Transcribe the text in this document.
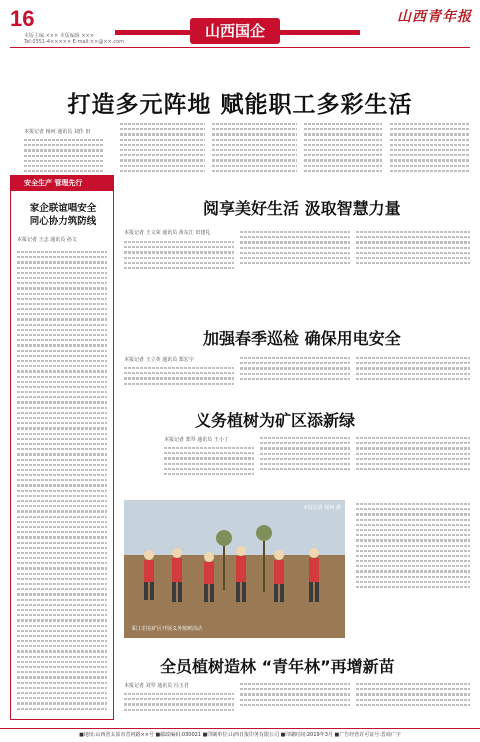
16
本版主编 ××× 本版编辑 ×××
Tel:0351-4××××× E-mail:××@××.com
山西国企
山西青年报
打造多元阵地 赋能职工多彩生活
本报记者 杨珂 通讯员 刘佳 田
安全生产 管理先行
家企联谊唱安全
同心协力筑防线
本报记者 王志 通讯员 孙文
阅享美好生活 汲取智慧力量
本报记者 王文荣 通讯员 黄东江 田建礼
加强春季巡检 确保用电安全
本报记者 王立英 通讯员 郑宏宇
义务植树为矿区添新绿
本报记者 郑琴 通讯员 王小丁
职工们在矿区开展义务植树活动
本报记者 杨珂 摄
全员植树造林 “青年林”再增新苗
本报记者 刘琴 通讯员 冯玉君
■地址:山西省太原市晋祠路××号 ■邮政编码:030021 ■印刷单位:山西日报印务有限公司 ■印刷时间:2019年3月 ■广告经营许可证号:晋商广字
